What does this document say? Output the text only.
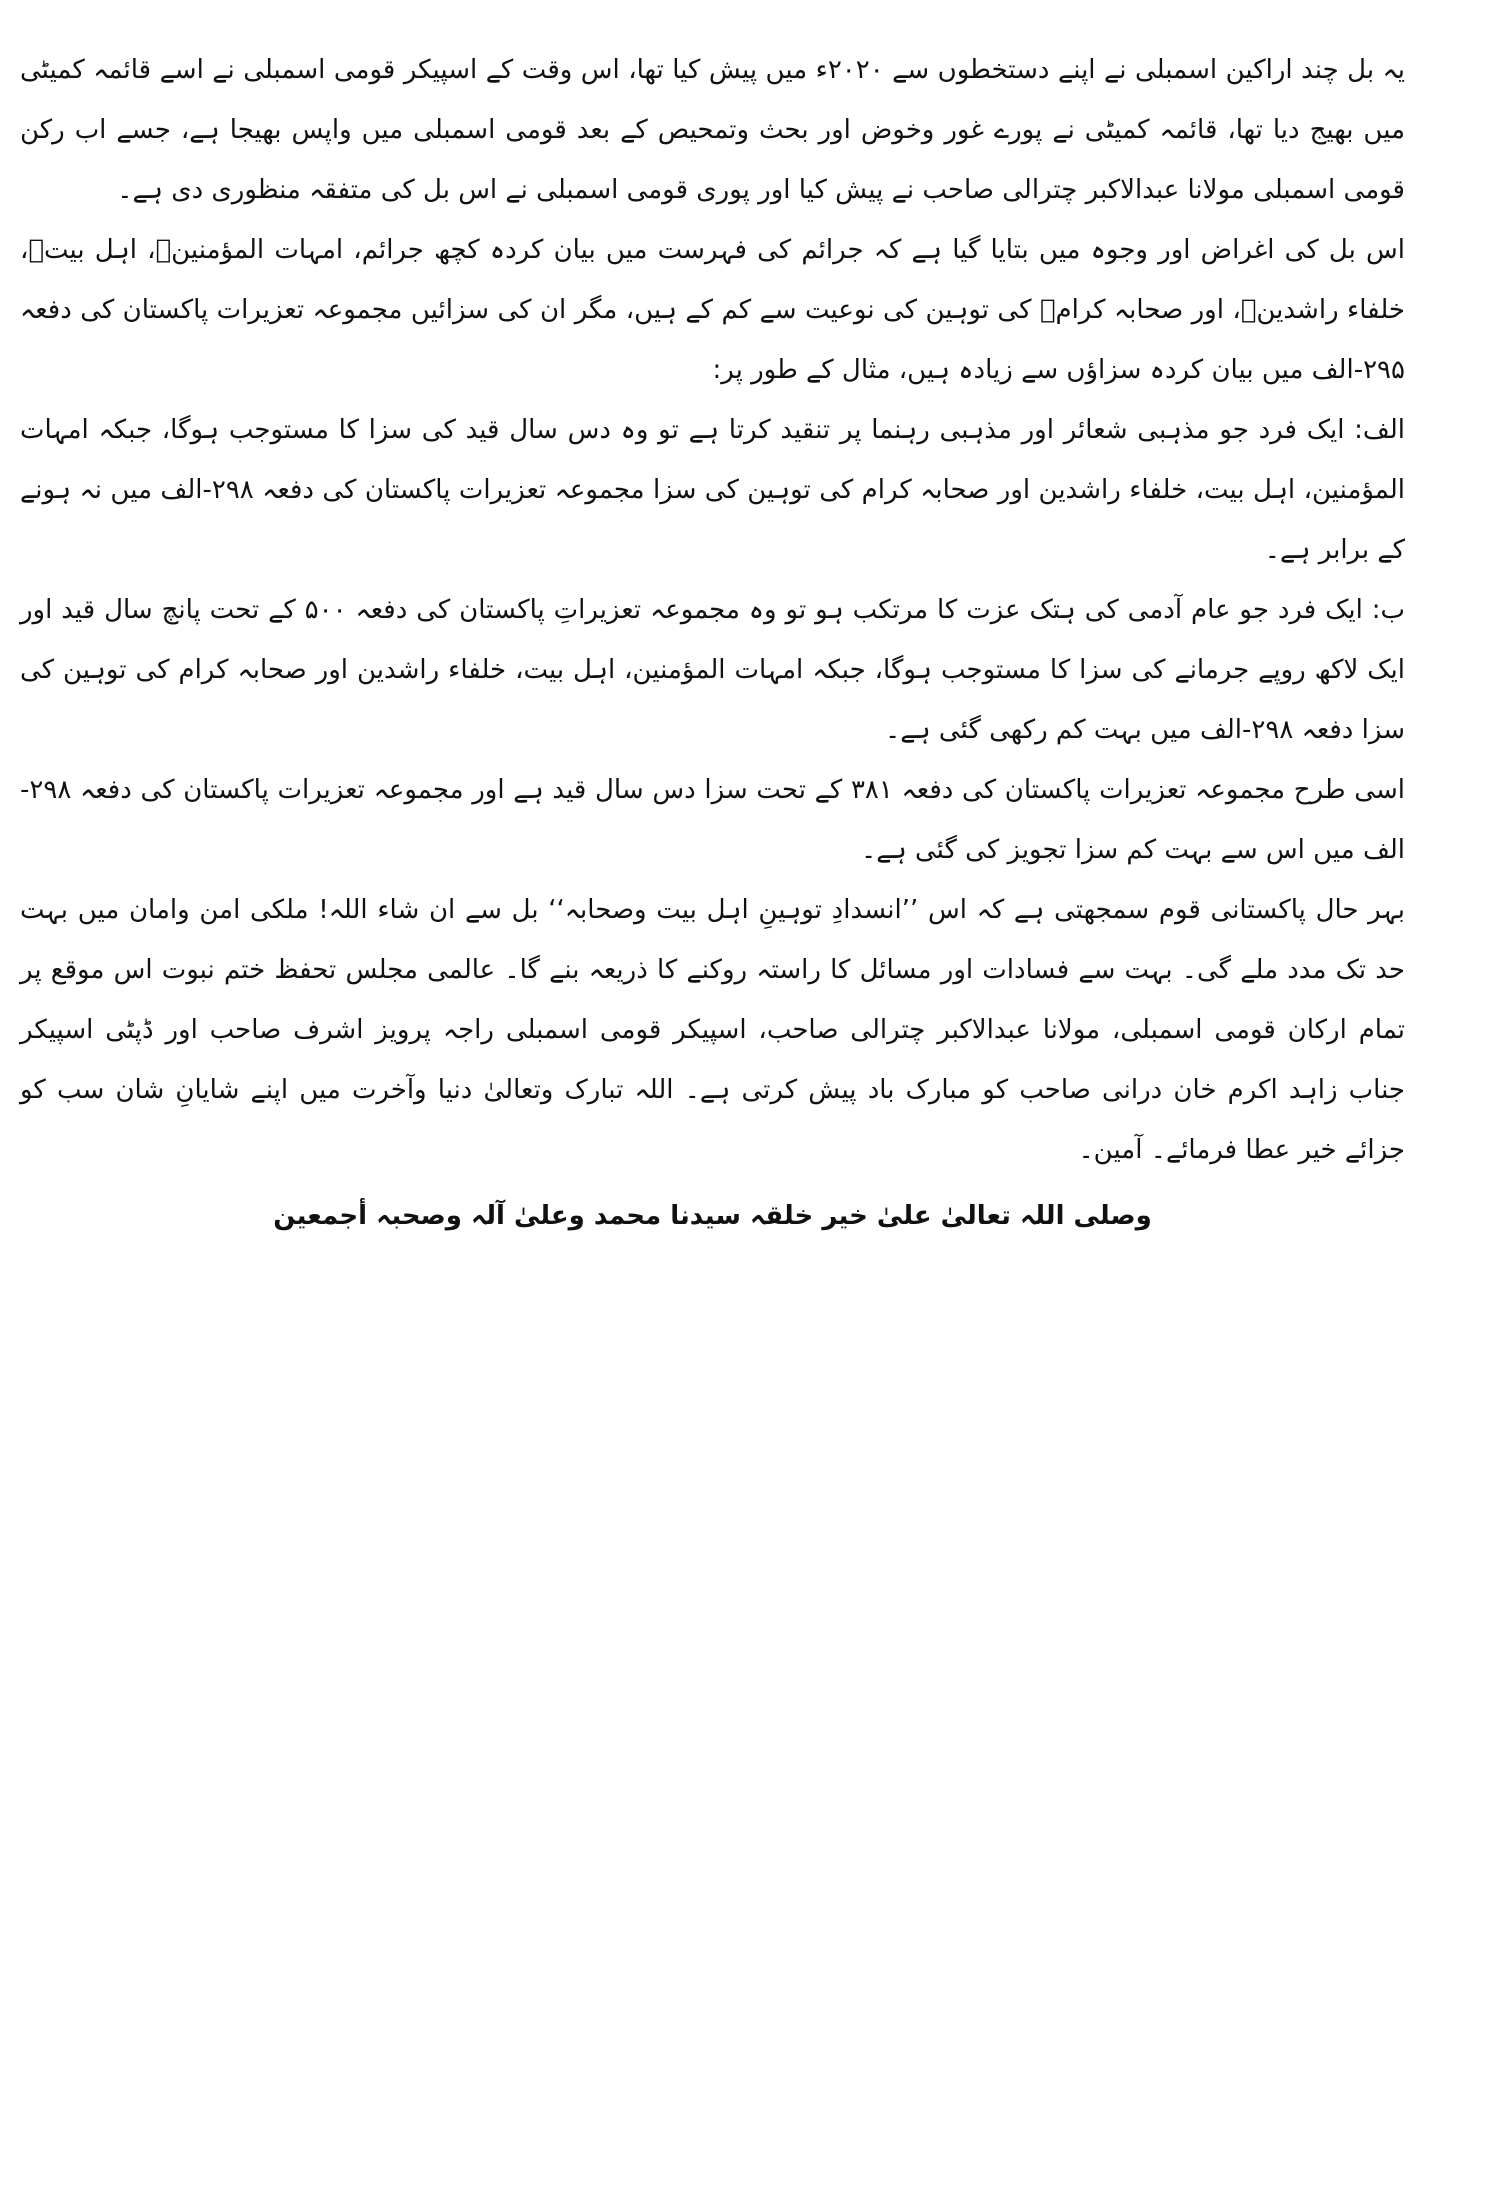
یہ بل چند اراکین اسمبلی نے اپنے دستخطوں سے ۲۰۲۰ء میں پیش کیا تھا، اس وقت کے اسپیکر قومی اسمبلی نے اسے قائمہ کمیٹی میں بھیج دیا تھا، قائمہ کمیٹی نے پورے غور وخوض اور بحث وتمحیص کے بعد قومی اسمبلی میں واپس بھیجا ہے، جسے اب رکن قومی اسمبلی مولانا عبدالاکبر چترالی صاحب نے پیش کیا اور پوری قومی اسمبلی نے اس بل کی متفقہ منظوری دی ہے۔

اس بل کی اغراض اور وجوہ میں بتایا گیا ہے کہ جرائم کی فہرست میں بیان کردہ کچھ جرائم، امہات المؤمنینؓ، اہل بیتؓ، خلفاء راشدینؓ، اور صحابہ کرامؓ کی توہین کی نوعیت سے کم کے ہیں، مگر ان کی سزائیں مجموعہ تعزیرات پاکستان کی دفعہ ۲۹۵-الف میں بیان کردہ سزاؤں سے زیادہ ہیں، مثال کے طور پر:

الف: ایک فرد جو مذہبی شعائر اور مذہبی رہنما پر تنقید کرتا ہے تو وہ دس سال قید کی سزا کا مستوجب ہوگا، جبکہ امہات المؤمنین، اہل بیت، خلفاء راشدین اور صحابہ کرام کی توہین کی سزا مجموعہ تعزیرات پاکستان کی دفعہ ۲۹۸-الف میں نہ ہونے کے برابر ہے۔

ب: ایک فرد جو عام آدمی کی ہتک عزت کا مرتکب ہو تو وہ مجموعہ تعزیراتِ پاکستان کی دفعہ ۵۰۰ کے تحت پانچ سال قید اور ایک لاکھ روپے جرمانے کی سزا کا مستوجب ہوگا، جبکہ امہات المؤمنین، اہل بیت، خلفاء راشدین اور صحابہ کرام کی توہین کی سزا دفعہ ۲۹۸-الف میں بہت کم رکھی گئی ہے۔

اسی طرح مجموعہ تعزیرات پاکستان کی دفعہ ۳۸۱ کے تحت سزا دس سال قید ہے اور مجموعہ تعزیرات پاکستان کی دفعہ ۲۹۸-الف میں اس سے بہت کم سزا تجویز کی گئی ہے۔

بہر حال پاکستانی قوم سمجھتی ہے کہ اس ’’انسدادِ توہینِ اہل بیت وصحابہ‘‘ بل سے ان شاء اللہ! ملکی امن وامان میں بہت حد تک مدد ملے گی۔ بہت سے فسادات اور مسائل کا راستہ روکنے کا ذریعہ بنے گا۔ عالمی مجلس تحفظ ختم نبوت اس موقع پر تمام ارکان قومی اسمبلی، مولانا عبدالاکبر چترالی صاحب، اسپیکر قومی اسمبلی راجہ پرویز اشرف صاحب اور ڈپٹی اسپیکر جناب زاہد اکرم خان درانی صاحب کو مبارک باد پیش کرتی ہے۔ اللہ تبارک وتعالیٰ دنیا وآخرت میں اپنے شایانِ شان سب کو جزائے خیر عطا فرمائے۔ آمین۔

وصلی اللہ تعالیٰ علیٰ خیر خلقہ سیدنا محمد وعلیٰ آلہ وصحبہ أجمعین
